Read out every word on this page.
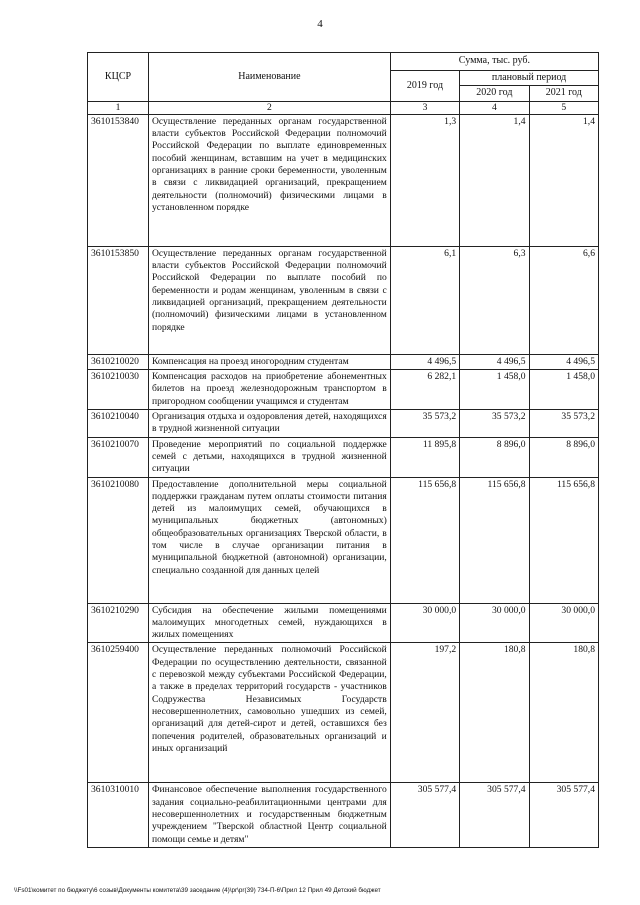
4
КЦСР	Наименование	Сумма, тыс. руб.		
		2019 год	плановый период	
			2020 год	2021 год
1	2	3	4	5
3610153840	Осуществление переданных органам государственной власти субъектов Российской Федерации полномочий Российской Федерации по выплате единовременных пособий женщинам, вставшим на учет в медицинских организациях в ранние сроки беременности, уволенным в связи с ликвидацией организаций, прекращением деятельности (полномочий) физическими лицами в установленном порядке	1,3	1,4	1,4
3610153850	Осуществление переданных органам государственной власти субъектов Российской Федерации полномочий Российской Федерации по выплате пособий по беременности и родам женщинам, уволенным в связи с ликвидацией организаций, прекращением деятельности (полномочий) физическими лицами в установленном порядке	6,1	6,3	6,6
3610210020	Компенсация на проезд иногородним студентам	4 496,5	4 496,5	4 496,5
3610210030	Компенсация расходов на приобретение абонементных билетов на проезд железнодорожным транспортом в пригородном сообщении учащимся и студентам	6 282,1	1 458,0	1 458,0
3610210040	Организация отдыха и оздоровления детей, находящихся в трудной жизненной ситуации	35 573,2	35 573,2	35 573,2
3610210070	Проведение мероприятий по социальной поддержке семей с детьми, находящихся в трудной жизненной ситуации	11 895,8	8 896,0	8 896,0
3610210080	Предоставление дополнительной меры социальной поддержки гражданам путем оплаты стоимости питания детей из малоимущих семей, обучающихся в муниципальных бюджетных (автономных) общеобразовательных организациях Тверской области, в том числе в случае организации питания в муниципальной бюджетной (автономной) организации, специально созданной для данных целей	115 656,8	115 656,8	115 656,8
3610210290	Субсидия на обеспечение жилыми помещениями малоимущих многодетных семей, нуждающихся в жилых помещениях	30 000,0	30 000,0	30 000,0
3610259400	Осуществление переданных полномочий Российской Федерации по осуществлению деятельности, связанной с перевозкой между субъектами Российской Федерации, а также в пределах территорий государств - участников Содружества Независимых Государств несовершеннолетних, самовольно ушедших из семей, организаций для детей-сирот и детей, оставшихся без попечения родителей, образовательных организаций и иных организаций	197,2	180,8	180,8
3610310010	Финансовое обеспечение выполнения государственного задания социально-реабилитационными центрами для несовершеннолетних и государственным бюджетным учреждением "Тверской областной Центр социальной помощи семье и детям"	305 577,4	305 577,4	305 577,4
\\Fs01\комитет по бюджету\6 созыв\Документы комитета\39 заседание (4)\pr\pr(39) 734-П-6\Прил 12 Прил 49 Детский бюджет
